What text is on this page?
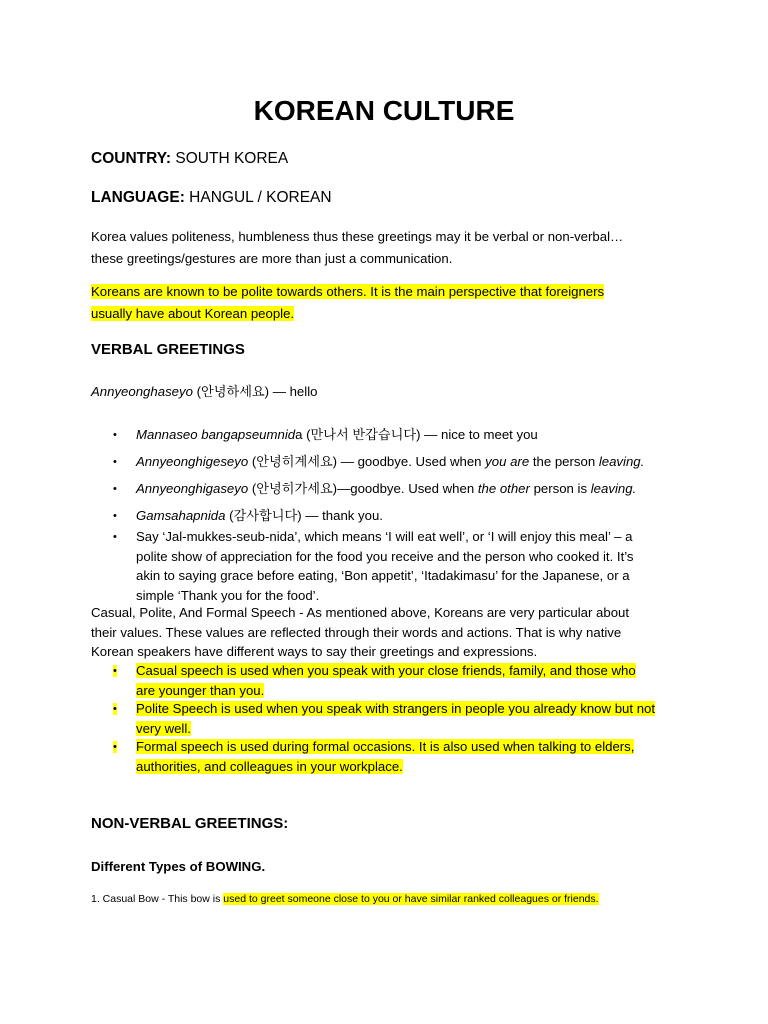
KOREAN CULTURE
COUNTRY: SOUTH KOREA
LANGUAGE: HANGUL / KOREAN
Korea values politeness, humbleness thus these greetings may it be verbal or non-verbal…
these greetings/gestures are more than just a communication.
Koreans are known to be polite towards others. It is the main perspective that foreigners
usually have about Korean people.
VERBAL GREETINGS
Annyeonghaseyo (안녕하세요) — hello
• Mannaseo bangapseumnida (만나서 반갑습니다) — nice to meet you
• Annyeonghigeseyo (안녕히계세요) — goodbye. Used when you are the person leaving.
• Annyeonghigaseyo (안녕히가세요)—goodbye. Used when the other person is leaving.
• Gamsahapnida (감사합니다) — thank you.
• Say ‘Jal-mukkes-seub-nida’, which means ‘I will eat well’, or ‘I will enjoy this meal’ – a
polite show of appreciation for the food you receive and the person who cooked it. It’s
akin to saying grace before eating, ‘Bon appetit’, ‘Itadakimasu’ for the Japanese, or a
simple ‘Thank you for the food’.
Casual, Polite, And Formal Speech - As mentioned above, Koreans are very particular about
their values. These values are reflected through their words and actions. That is why native
Korean speakers have different ways to say their greetings and expressions.
• Casual speech is used when you speak with your close friends, family, and those who
are younger than you.
• Polite Speech is used when you speak with strangers in people you already know but not
very well.
• Formal speech is used during formal occasions. It is also used when talking to elders,
authorities, and colleagues in your workplace.
NON-VERBAL GREETINGS:
Different Types of BOWING.
1. Casual Bow - This bow is used to greet someone close to you or have similar ranked colleagues or friends.
